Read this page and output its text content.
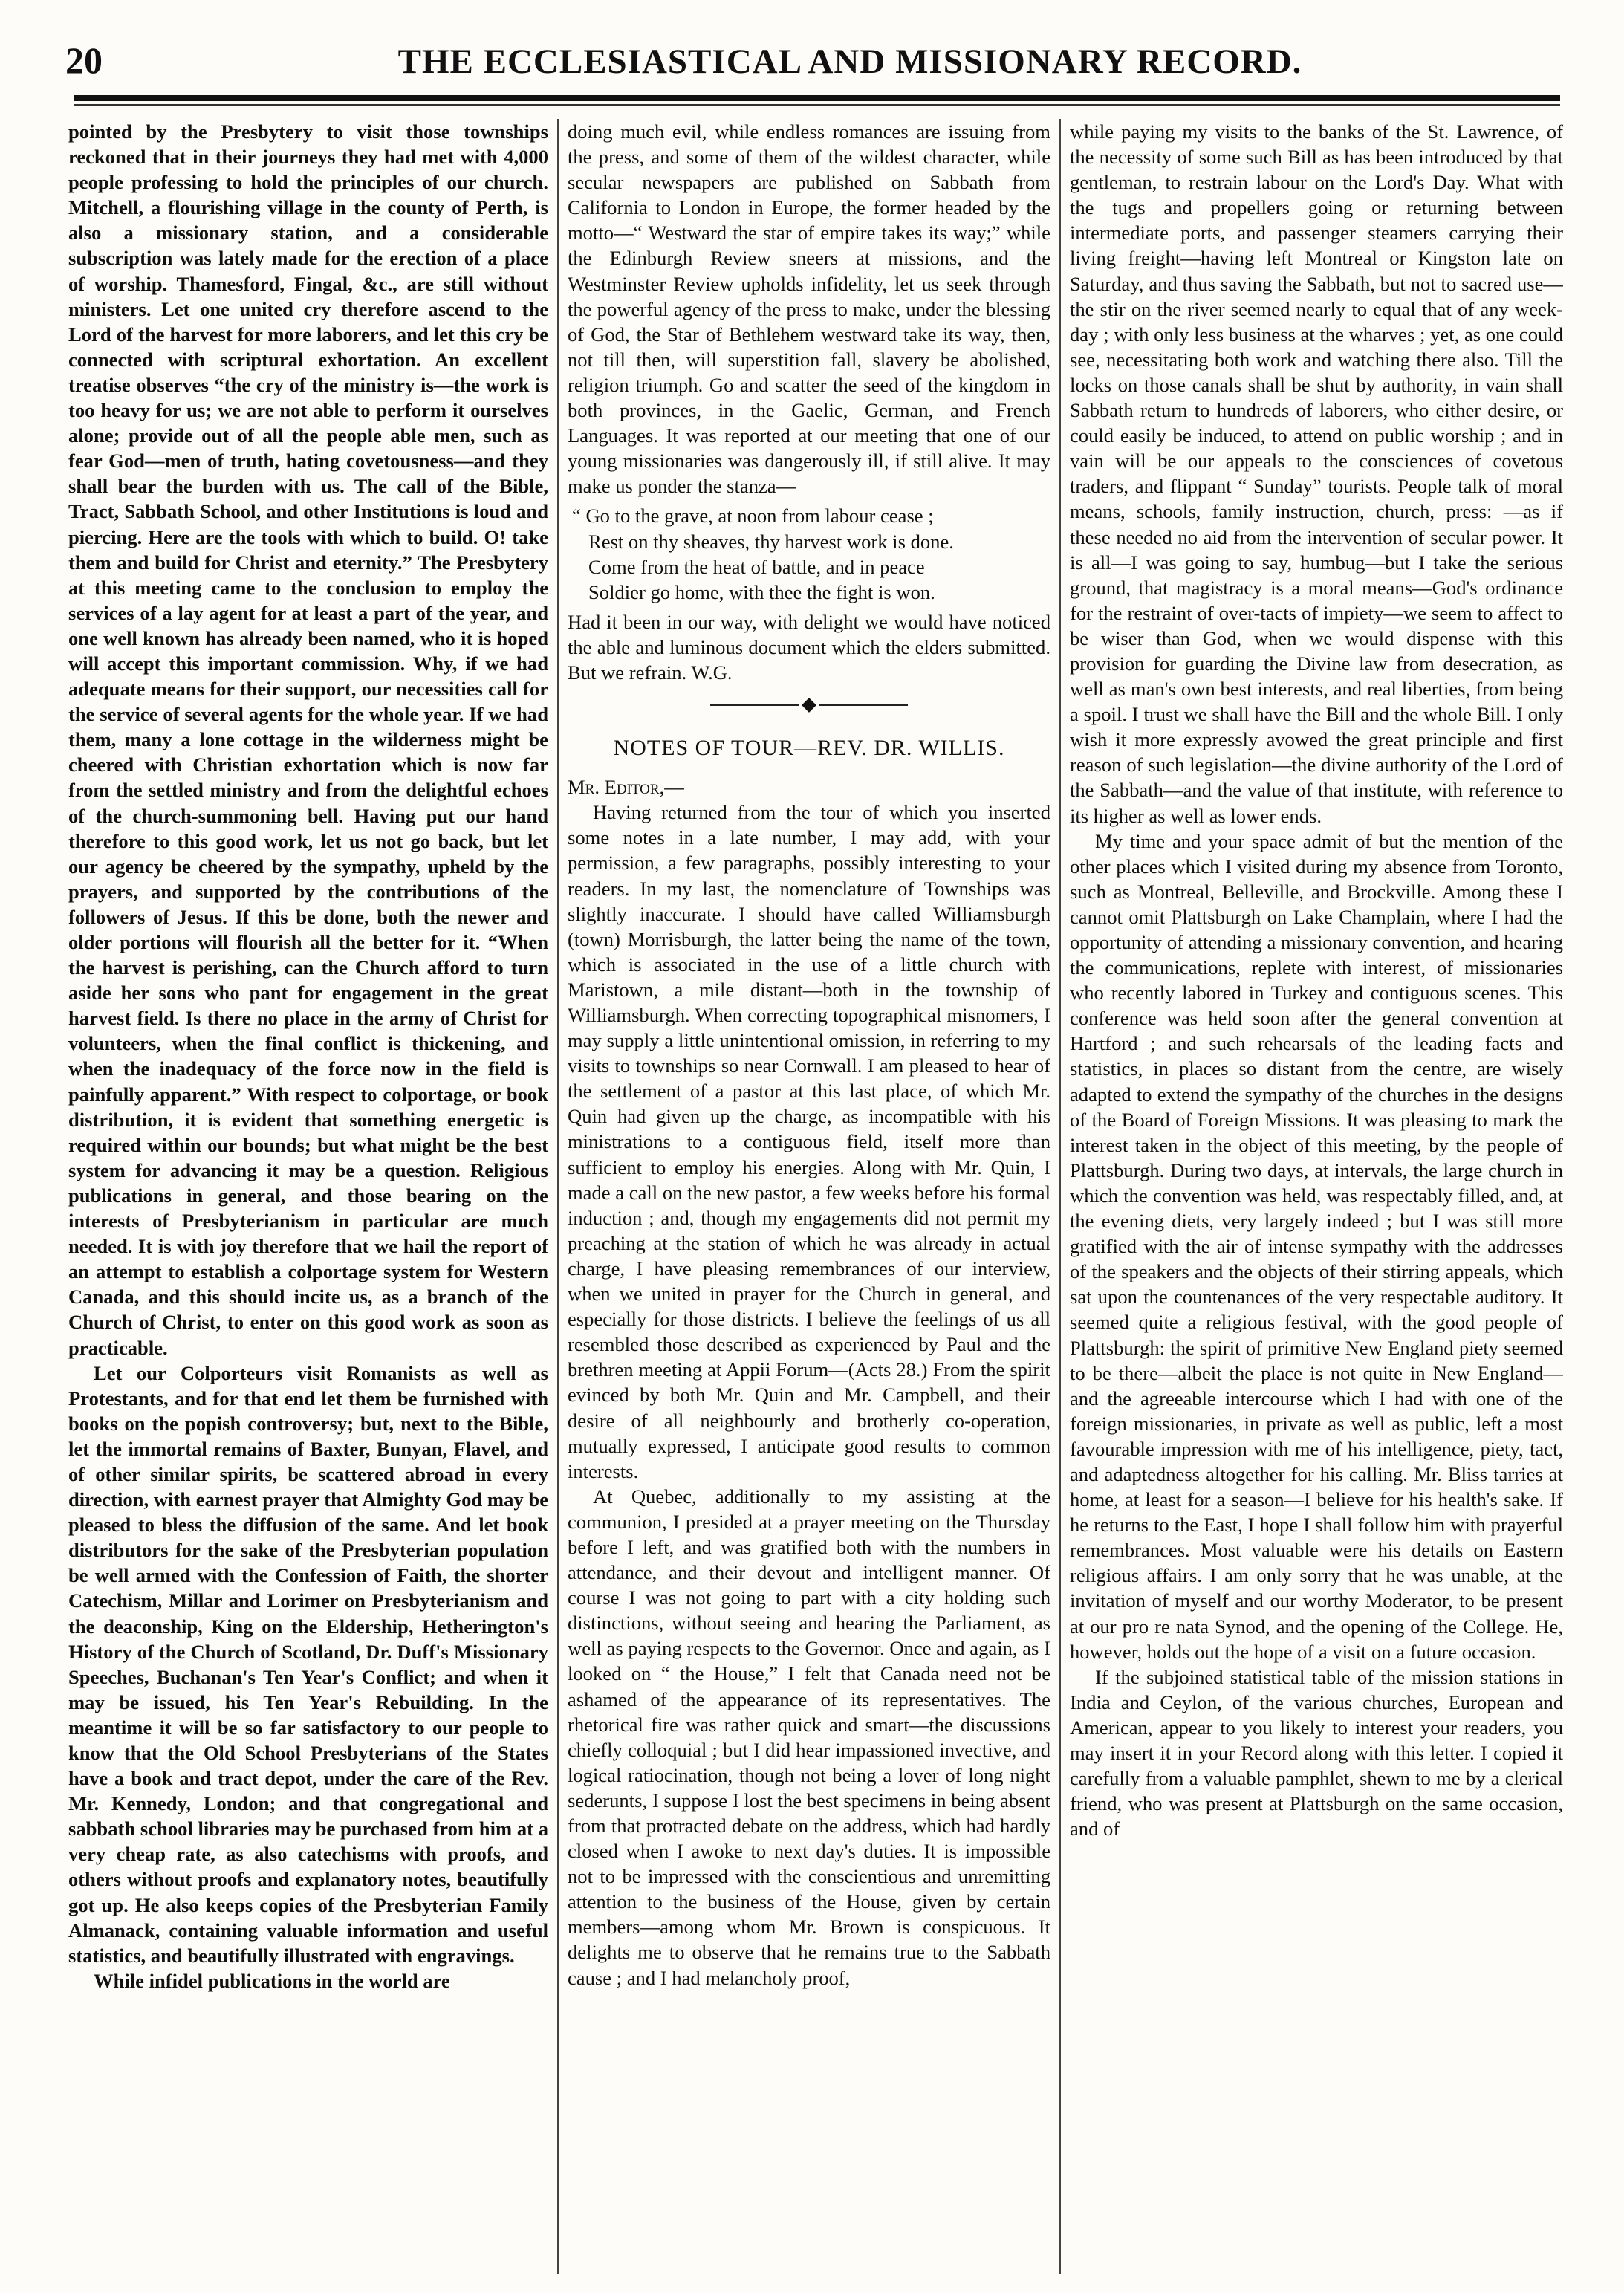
20	THE ECCLESIASTICAL AND MISSIONARY RECORD.

pointed by the Presbytery to visit those townships reckoned that in their journeys they had met with 4,000 people professing to hold the principles of our church. Mitchell, a flourishing village in the county of Perth, is also a missionary station, and a considerable subscription was lately made for the erection of a place of worship. Thamesford, Fingal, &c., are still without ministers. Let one united cry therefore ascend to the Lord of the harvest for more laborers, and let this cry be connected with scriptural exhortation. An excellent treatise observes “the cry of the ministry is—the work is too heavy for us; we are not able to perform it ourselves alone; provide out of all the people able men, such as fear God—men of truth, hating covetousness—and they shall bear the burden with us. The call of the Bible, Tract, Sabbath School, and other Institutions is loud and piercing. Here are the tools with which to build. O! take them and build for Christ and eternity.” The Presbytery at this meeting came to the conclusion to employ the services of a lay agent for at least a part of the year, and one well known has already been named, who it is hoped will accept this important commission. Why, if we had adequate means for their support, our necessities call for the service of several agents for the whole year. If we had them, many a lone cottage in the wilderness might be cheered with Christian exhortation which is now far from the settled ministry and from the delightful echoes of the church-summoning bell. Having put our hand therefore to this good work, let us not go back, but let our agency be cheered by the sympathy, upheld by the prayers, and supported by the contributions of the followers of Jesus. If this be done, both the newer and older portions will flourish all the better for it. “When the harvest is perishing, can the Church afford to turn aside her sons who pant for engagement in the great harvest field. Is there no place in the army of Christ for volunteers, when the final conflict is thickening, and when the inadequacy of the force now in the field is painfully apparent.” With respect to colportage, or book distribution, it is evident that something energetic is required within our bounds; but what might be the best system for advancing it may be a question. Religious publications in general, and those bearing on the interests of Presbyterianism in particular are much needed. It is with joy therefore that we hail the report of an attempt to establish a colportage system for Western Canada, and this should incite us, as a branch of the Church of Christ, to enter on this good work as soon as practicable.

Let our Colporteurs visit Romanists as well as Protestants, and for that end let them be furnished with books on the popish controversy; but, next to the Bible, let the immortal remains of Baxter, Bunyan, Flavel, and of other similar spirits, be scattered abroad in every direction, with earnest prayer that Almighty God may be pleased to bless the diffusion of the same. And let book distributors for the sake of the Presbyterian population be well armed with the Confession of Faith, the shorter Catechism, Millar and Lorimer on Presbyterianism and the deaconship, King on the Eldership, Hetherington's History of the Church of Scotland, Dr. Duff's Missionary Speeches, Buchanan's Ten Year's Conflict; and when it may be issued, his Ten Year's Rebuilding. In the meantime it will be so far satisfactory to our people to know that the Old School Presbyterians of the States have a book and tract depot, under the care of the Rev. Mr. Kennedy, London; and that congregational and sabbath school libraries may be purchased from him at a very cheap rate, as also catechisms with proofs, and others without proofs and explanatory notes, beautifully got up. He also keeps copies of the Presbyterian Family Almanack, containing valuable information and useful statistics, and beautifully illustrated with engravings.

While infidel publications in the world are

doing much evil, while endless romances are issuing from the press, and some of them of the wildest character, while secular newspapers are published on Sabbath from California to London in Europe, the former headed by the motto—“ Westward the star of empire takes its way;” while the Edinburgh Review sneers at missions, and the Westminster Review upholds infidelity, let us seek through the powerful agency of the press to make, under the blessing of God, the Star of Bethlehem westward take its way, then, not till then, will superstition fall, slavery be abolished, religion triumph. Go and scatter the seed of the kingdom in both provinces, in the Gaelic, German, and French Languages. It was reported at our meeting that one of our young missionaries was dangerously ill, if still alive. It may make us ponder the stanza—

“ Go to the grave, at noon from labour cease ;
Rest on thy sheaves, thy harvest work is done.
Come from the heat of battle, and in peace
Soldier go home, with thee the fight is won.

Had it been in our way, with delight we would have noticed the able and luminous document which the elders submitted. But we refrain. W.G.

NOTES OF TOUR—REV. DR. WILLIS.

Mr. Editor,—

Having returned from the tour of which you inserted some notes in a late number, I may add, with your permission, a few paragraphs, possibly interesting to your readers. In my last, the nomenclature of Townships was slightly inaccurate. I should have called Williamsburgh (town) Morrisburgh, the latter being the name of the town, which is associated in the use of a little church with Maristown, a mile distant—both in the township of Williamsburgh. When correcting topographical misnomers, I may supply a little unintentional omission, in referring to my visits to townships so near Cornwall. I am pleased to hear of the settlement of a pastor at this last place, of which Mr. Quin had given up the charge, as incompatible with his ministrations to a contiguous field, itself more than sufficient to employ his energies. Along with Mr. Quin, I made a call on the new pastor, a few weeks before his formal induction ; and, though my engagements did not permit my preaching at the station of which he was already in actual charge, I have pleasing remembrances of our interview, when we united in prayer for the Church in general, and especially for those districts. I believe the feelings of us all resembled those described as experienced by Paul and the brethren meeting at Appii Forum—(Acts 28.) From the spirit evinced by both Mr. Quin and Mr. Campbell, and their desire of all neighbourly and brotherly co-operation, mutually expressed, I anticipate good results to common interests.

At Quebec, additionally to my assisting at the communion, I presided at a prayer meeting on the Thursday before I left, and was gratified both with the numbers in attendance, and their devout and intelligent manner. Of course I was not going to part with a city holding such distinctions, without seeing and hearing the Parliament, as well as paying respects to the Governor. Once and again, as I looked on “ the House,” I felt that Canada need not be ashamed of the appearance of its representatives. The rhetorical fire was rather quick and smart—the discussions chiefly colloquial ; but I did hear impassioned invective, and logical ratiocination, though not being a lover of long night sederunts, I suppose I lost the best specimens in being absent from that protracted debate on the address, which had hardly closed when I awoke to next day's duties. It is impossible not to be impressed with the conscientious and unremitting attention to the business of the House, given by certain members—among whom Mr. Brown is conspicuous. It delights me to observe that he remains true to the Sabbath cause ; and I had melancholy proof,

while paying my visits to the banks of the St. Lawrence, of the necessity of some such Bill as has been introduced by that gentleman, to restrain labour on the Lord's Day. What with the tugs and propellers going or returning between intermediate ports, and passenger steamers carrying their living freight—having left Montreal or Kingston late on Saturday, and thus saving the Sabbath, but not to sacred use—the stir on the river seemed nearly to equal that of any week-day ; with only less business at the wharves ; yet, as one could see, necessitating both work and watching there also. Till the locks on those canals shall be shut by authority, in vain shall Sabbath return to hundreds of laborers, who either desire, or could easily be induced, to attend on public worship ; and in vain will be our appeals to the consciences of covetous traders, and flippant “ Sunday” tourists. People talk of moral means, schools, family instruction, church, press: —as if these needed no aid from the intervention of secular power. It is all—I was going to say, humbug—but I take the serious ground, that magistracy is a moral means—God's ordinance for the restraint of over-tacts of impiety—we seem to affect to be wiser than God, when we would dispense with this provision for guarding the Divine law from desecration, as well as man's own best interests, and real liberties, from being a spoil. I trust we shall have the Bill and the whole Bill. I only wish it more expressly avowed the great principle and first reason of such legislation—the divine authority of the Lord of the Sabbath—and the value of that institute, with reference to its higher as well as lower ends.

My time and your space admit of but the mention of the other places which I visited during my absence from Toronto, such as Montreal, Belleville, and Brockville. Among these I cannot omit Plattsburgh on Lake Champlain, where I had the opportunity of attending a missionary convention, and hearing the communications, replete with interest, of missionaries who recently labored in Turkey and contiguous scenes. This conference was held soon after the general convention at Hartford ; and such rehearsals of the leading facts and statistics, in places so distant from the centre, are wisely adapted to extend the sympathy of the churches in the designs of the Board of Foreign Missions. It was pleasing to mark the interest taken in the object of this meeting, by the people of Plattsburgh. During two days, at intervals, the large church in which the convention was held, was respectably filled, and, at the evening diets, very largely indeed ; but I was still more gratified with the air of intense sympathy with the addresses of the speakers and the objects of their stirring appeals, which sat upon the countenances of the very respectable auditory. It seemed quite a religious festival, with the good people of Plattsburgh: the spirit of primitive New England piety seemed to be there—albeit the place is not quite in New England—and the agreeable intercourse which I had with one of the foreign missionaries, in private as well as public, left a most favourable impression with me of his intelligence, piety, tact, and adaptedness altogether for his calling. Mr. Bliss tarries at home, at least for a season—I believe for his health's sake. If he returns to the East, I hope I shall follow him with prayerful remembrances. Most valuable were his details on Eastern religious affairs. I am only sorry that he was unable, at the invitation of myself and our worthy Moderator, to be present at our pro re nata Synod, and the opening of the College. He, however, holds out the hope of a visit on a future occasion.

If the subjoined statistical table of the mission stations in India and Ceylon, of the various churches, European and American, appear to you likely to interest your readers, you may insert it in your Record along with this letter. I copied it carefully from a valuable pamphlet, shewn to me by a clerical friend, who was present at Plattsburgh on the same occasion, and of
